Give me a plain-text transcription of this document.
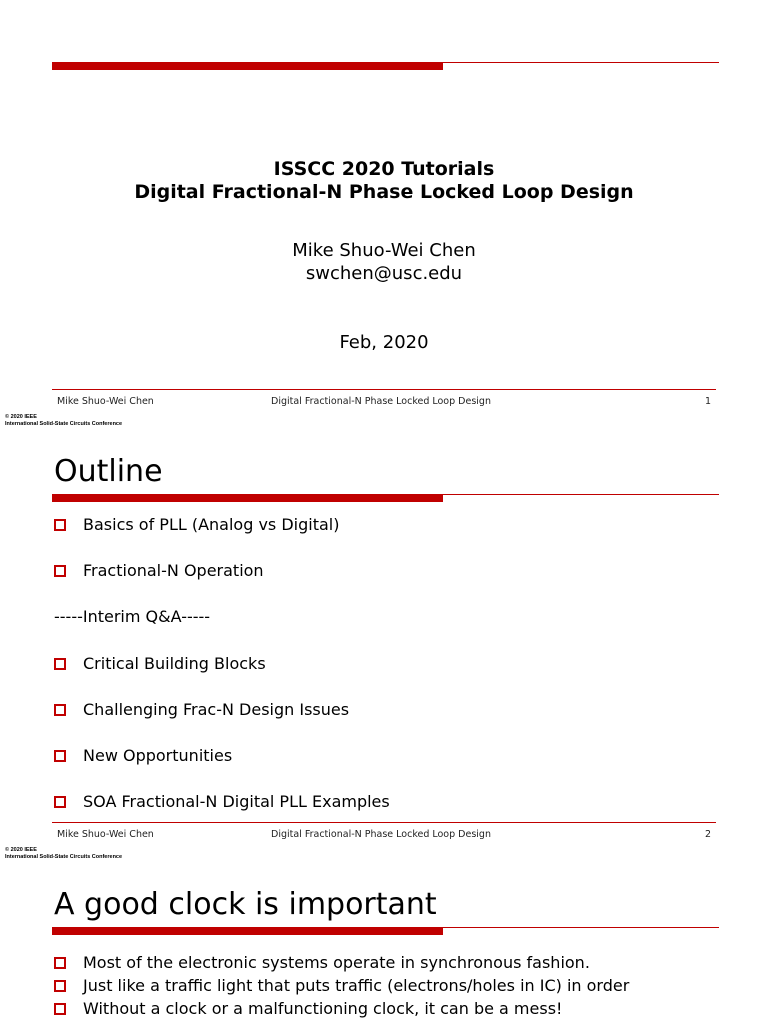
ISSCC 2020 Tutorials
Digital Fractional-N Phase Locked Loop Design
Mike Shuo-Wei Chen
swchen@usc.edu
Feb, 2020
Mike Shuo-Wei Chen	Digital Fractional-N Phase Locked Loop Design	1
© 2020 IEEE
International Solid-State Circuits Conference
Outline
Basics of PLL (Analog vs Digital)
Fractional-N Operation
-----Interim Q&A-----
Critical Building Blocks
Challenging Frac-N Design Issues
New Opportunities
SOA Fractional-N Digital PLL Examples
Mike Shuo-Wei Chen	Digital Fractional-N Phase Locked Loop Design	2
© 2020 IEEE
International Solid-State Circuits Conference
A good clock is important
Most of the electronic systems operate in synchronous fashion.
Just like a traffic light that puts traffic (electrons/holes in IC) in order
Without a clock or a malfunctioning clock, it can be a mess!
